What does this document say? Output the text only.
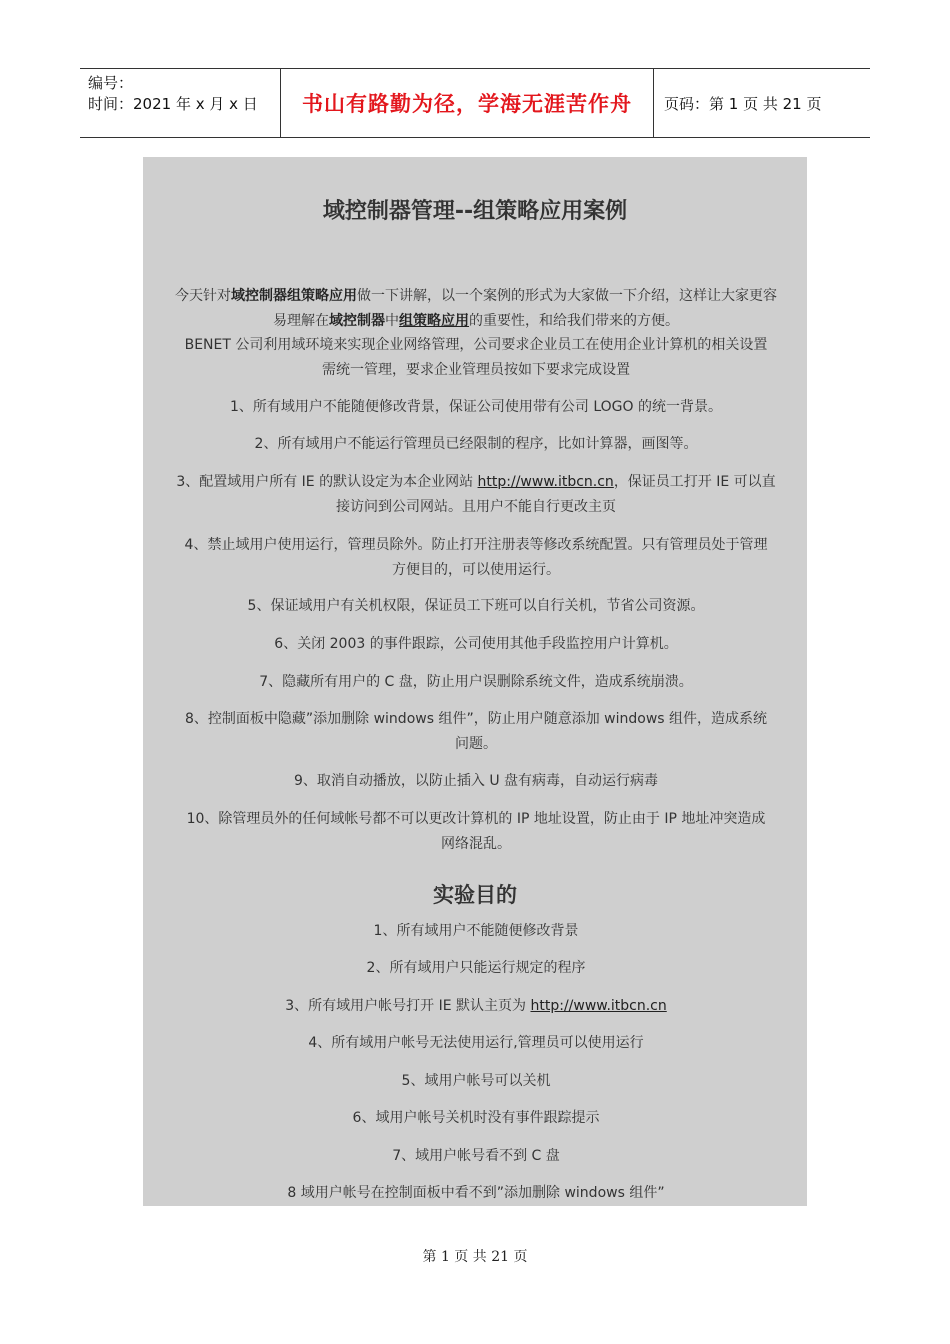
编号：
时间：2021 年 x 月 x 日	书山有路勤为径，学海无涯苦作舟	页码：第 1 页 共 21 页
域控制器管理--组策略应用案例
今天针对域控制器组策略应用做一下讲解，以一个案例的形式为大家做一下介绍，这样让大家更容
易理解在域控制器中组策略应用的重要性，和给我们带来的方便。
BENET 公司利用域环境来实现企业网络管理，公司要求企业员工在使用企业计算机的相关设置
需统一管理，要求企业管理员按如下要求完成设置
1、所有域用户不能随便修改背景，保证公司使用带有公司 LOGO 的统一背景。
2、所有域用户不能运行管理员已经限制的程序，比如计算器，画图等。
3、配置域用户所有 IE 的默认设定为本企业网站 http://www.itbcn.cn，保证员工打开 IE 可以直
接访问到公司网站。且用户不能自行更改主页
4、禁止域用户使用运行，管理员除外。防止打开注册表等修改系统配置。只有管理员处于管理
方便目的，可以使用运行。
5、保证域用户有关机权限，保证员工下班可以自行关机，节省公司资源。
6、关闭 2003 的事件跟踪，公司使用其他手段监控用户计算机。
7、隐藏所有用户的 C 盘，防止用户误删除系统文件，造成系统崩溃。
8、控制面板中隐藏”添加删除 windows 组件”，防止用户随意添加 windows 组件，造成系统
问题。
9、取消自动播放，以防止插入 U 盘有病毒，自动运行病毒
10、除管理员外的任何域帐号都不可以更改计算机的 IP 地址设置，防止由于 IP 地址冲突造成
网络混乱。
实验目的
1、所有域用户不能随便修改背景
2、所有域用户只能运行规定的程序
3、所有域用户帐号打开 IE 默认主页为 http://www.itbcn.cn
4、所有域用户帐号无法使用运行,管理员可以使用运行
5、域用户帐号可以关机
6、域用户帐号关机时没有事件跟踪提示
7、域用户帐号看不到 C 盘
8 域用户帐号在控制面板中看不到”添加删除 windows 组件”
第 1 页 共 21 页
